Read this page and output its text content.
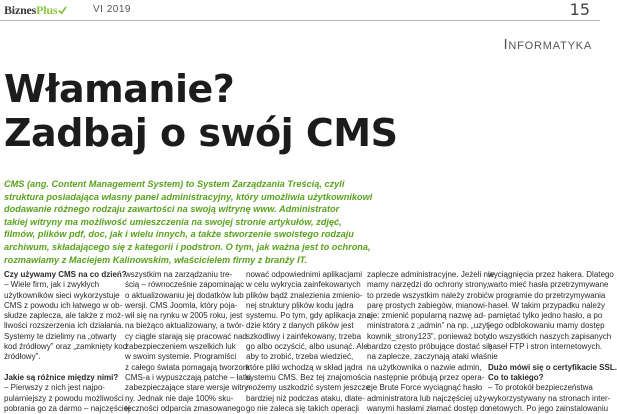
BiznesPlus	VI 2019	15
Informatyka
Włamanie?
Zadbaj o swój CMS

CMS (ang. Content Management System) to System Zarządzania Treścią, czyli

struktura posiadająca własny panel administracyjny, który umożliwia użytkownikowi

dodawanie różnego rodzaju zawartości na swoją witrynę www. Administrator

takiej witryny ma możliwość umieszczenia na swojej stronie artykułów, zdjęć,

filmów, plików pdf, doc, jak i wielu innych, a także stworzenie swoistego rodzaju

archiwum, składającego się z kategorii i podstron. O tym, jak ważna jest to ochrona,

rozmawiamy z Maciejem Kalinowskim, właścicielem firmy z branży IT.

Czy używamy CMS na co dzień?

– Wiele firm, jak i zwykłych

użytkowników sieci wykorzystuje

CMS z powodu ich łatwego w ob-

słudze zaplecza, ale także z moż-

liwości rozszerzenia ich działania.

Systemy te dzielimy na „otwarty

kod źródłowy” oraz „zamknięty kod

źródłowy”.

Jakie są różnice między nimi?

– Pierwszy z nich jest najpo-

pularniejszy z powodu możliwości

pobrania go za darmo – najczęściej

wszystkim na zarządzaniu tre-

ścią – równocześnie zapominając

o aktualizowaniu jej dodatków lub

wersji. CMS Joomla, który poja-

wił się na rynku w 2005 roku, jest

na bieżąco aktualizowany, a twór-

cy ciągle starają się pracować nad

zabezpieczeniem wszelkich luk

w swoim systemie. Programiści

z całego świata pomagają tworzom

CMS-a i wypuszczają patche – łatki

zabezpieczające stare wersje witry-

ny. Jednak nie daje 100% sku-

teczności odparcia zmasowanego

nować odpowiednimi aplikacjami

w celu wykrycia zainfekowanych

plików bądź znalezienia zmienio-

nej struktury plików kodu jądra

systemu. Po tym, gdy aplikacja znaj-

dzie który z danych plików jest

szkodliwy i zainfekowany, trzeba

go albo oczyścić, albo usunąć. Ale

aby to zrobić, trzeba wiedzieć,

które pliki wchodzą w skład jądra

systemu CMS. Bez tej znajomości

możemy uszkodzić system jeszcze

bardziej niż podczas ataku, dlate-

go nie zaleca się takich operacji

zaplecze administracyjne. Jeżeli nie

mamy narzędzi do ochrony strony,

to przede wszystkim należy zrobić

parę prostych zabiegów, mianowi-

cie: zmienić popularną nazwę ad-

ministratora z „admin” na np. „uzyt-

kownik_strony123”, ponieważ boty

bardzo często próbujące dostać się

na zaplecze, zaczynają ataki właśnie

na użytkownika o nazwie admin,

a następnie próbują przez opera-

cje Brute Force wyciągnąć hasło

administratora lub najczęściej uży-

wanymi hasłami złamać dostęp do

wyciągnięcia przez hakera. Dlatego

warto mieć hasła przetrzymywane

w programie do przetrzymywania

haseł. W takim przypadku należy

pamiętać tylko jedno hasło, a po

jego odblokowaniu mamy dostęp

do wszystkich naszych zapisanych

haseł FTP i stron internetowych.

Dużo mówi się o certyfikacie SSL.

Co to takiego?

– To protokół bezpieczeństwa

wykorzystywany na stronach inter-

netowych. Po jego zainstalowaniu
